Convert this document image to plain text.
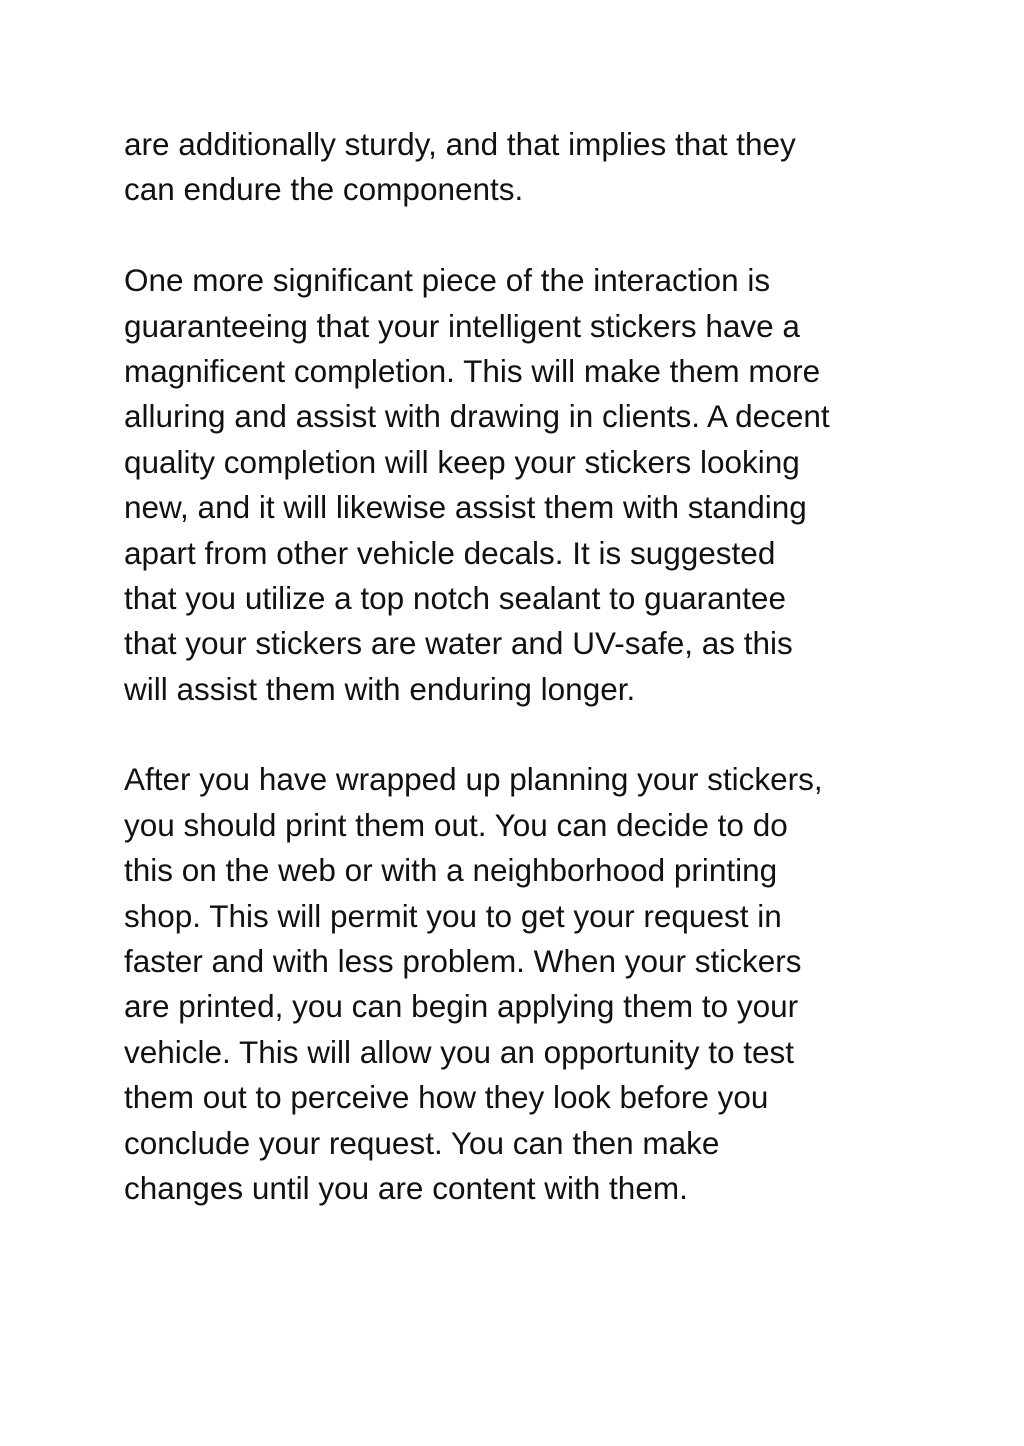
are additionally sturdy, and that implies that they

can endure the components.

One more significant piece of the interaction is

guaranteeing that your intelligent stickers have a

magnificent completion. This will make them more

alluring and assist with drawing in clients. A decent

quality completion will keep your stickers looking

new, and it will likewise assist them with standing

apart from other vehicle decals. It is suggested

that you utilize a top notch sealant to guarantee

that your stickers are water and UV-safe, as this

will assist them with enduring longer.

After you have wrapped up planning your stickers,

you should print them out. You can decide to do

this on the web or with a neighborhood printing

shop. This will permit you to get your request in

faster and with less problem. When your stickers

are printed, you can begin applying them to your

vehicle. This will allow you an opportunity to test

them out to perceive how they look before you

conclude your request. You can then make

changes until you are content with them.
